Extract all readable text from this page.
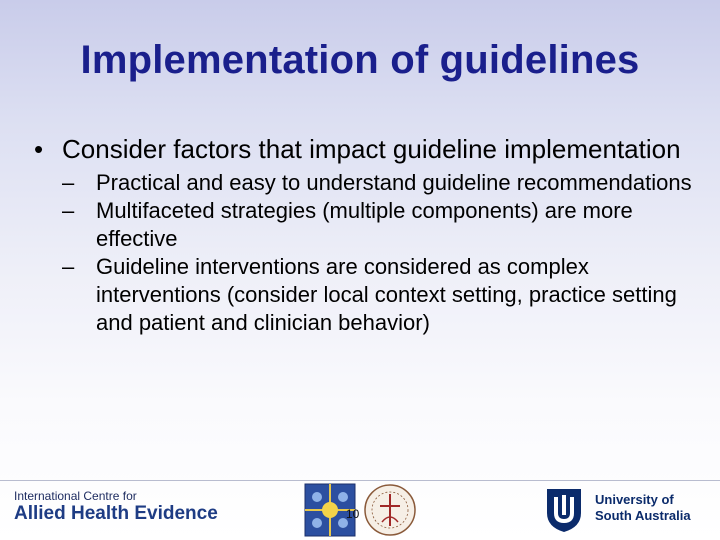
Implementation of guidelines
• Consider factors that impact guideline implementation
– Practical and easy to understand guideline recommendations
– Multifaceted strategies (multiple components) are more effective
– Guideline interventions are considered as complex interventions (consider local context setting, practice setting and patient and clinician behavior)
International Centre for
Allied Health Evidence	10
University of
South Australia
